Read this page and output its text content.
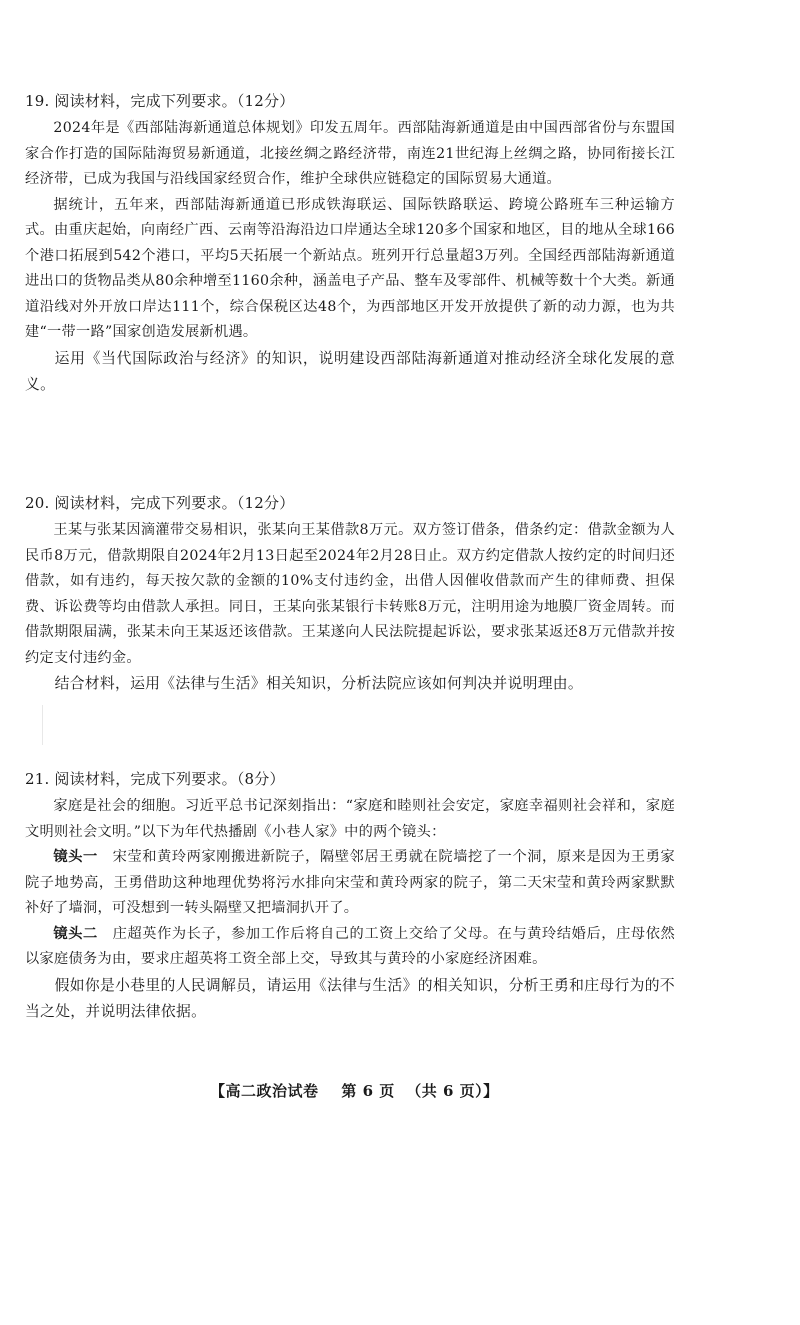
19. 阅读材料，完成下列要求。（12分）

2024年是《西部陆海新通道总体规划》印发五周年。西部陆海新通道是由中国西部省份与东盟国家合作打造的国际陆海贸易新通道，北接丝绸之路经济带，南连21世纪海上丝绸之路，协同衔接长江经济带，已成为我国与沿线国家经贸合作，维护全球供应链稳定的国际贸易大通道。

据统计，五年来，西部陆海新通道已形成铁海联运、国际铁路联运、跨境公路班车三种运输方式。由重庆起始，向南经广西、云南等沿海沿边口岸通达全球120多个国家和地区，目的地从全球166个港口拓展到542个港口，平均5天拓展一个新站点。班列开行总量超3万列。全国经西部陆海新通道进出口的货物品类从80余种增至1160余种，涵盖电子产品、整车及零部件、机械等数十个大类。新通道沿线对外开放口岸达111个，综合保税区达48个，为西部地区开发开放提供了新的动力源，也为共建“一带一路”国家创造发展新机遇。

运用《当代国际政治与经济》的知识，说明建设西部陆海新通道对推动经济全球化发展的意义。

20. 阅读材料，完成下列要求。（12分）

王某与张某因滴灌带交易相识，张某向王某借款8万元。双方签订借条，借条约定：借款金额为人民币8万元，借款期限自2024年2月13日起至2024年2月28日止。双方约定借款人按约定的时间归还借款，如有违约，每天按欠款的金额的10%支付违约金，出借人因催收借款而产生的律师费、担保费、诉讼费等均由借款人承担。同日，王某向张某银行卡转账8万元，注明用途为地膜厂资金周转。而借款期限届满，张某未向王某返还该借款。王某遂向人民法院提起诉讼，要求张某返还8万元借款并按约定支付违约金。

结合材料，运用《法律与生活》相关知识，分析法院应该如何判决并说明理由。

21. 阅读材料，完成下列要求。（8分）

家庭是社会的细胞。习近平总书记深刻指出：“家庭和睦则社会安定，家庭幸福则社会祥和，家庭文明则社会文明。”以下为年代热播剧《小巷人家》中的两个镜头：

镜头一　 宋莹和黄玲两家刚搬进新院子，隔壁邻居王勇就在院墙挖了一个洞，原来是因为王勇家院子地势高，王勇借助这种地理优势将污水排向宋莹和黄玲两家的院子，第二天宋莹和黄玲两家默默补好了墙洞，可没想到一转头隔壁又把墙洞扒开了。

镜头二　 庄超英作为长子，参加工作后将自己的工资上交给了父母。在与黄玲结婚后，庄母依然以家庭债务为由，要求庄超英将工资全部上交，导致其与黄玲的小家庭经济困难。

假如你是小巷里的人民调解员，请运用《法律与生活》的相关知识，分析王勇和庄母行为的不当之处，并说明法律依据。

【高二政治试卷 第 6 页 （共 6 页）】
